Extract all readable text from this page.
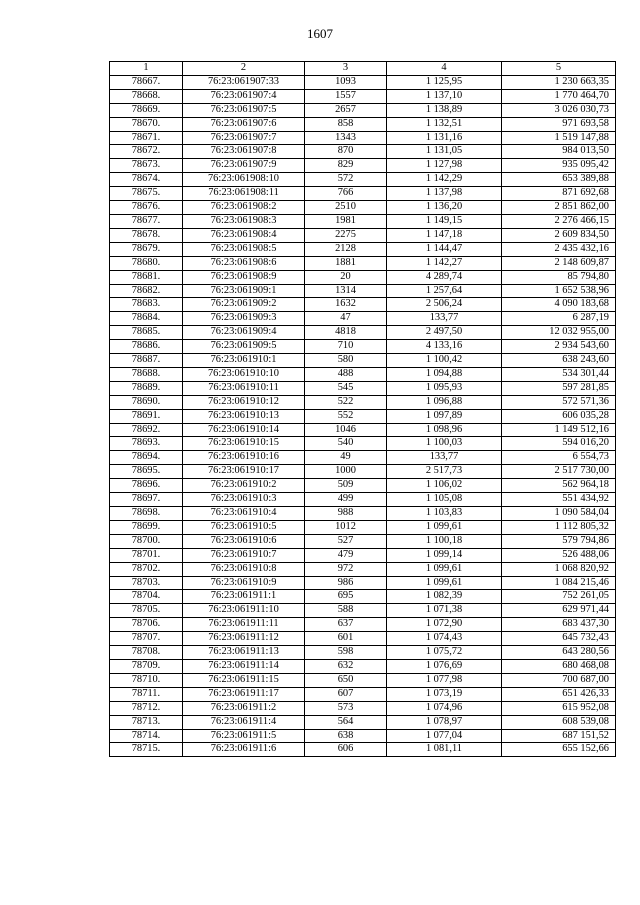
1607
1	2	3	4	5
78667.	76:23:061907:33	1093	1 125,95	1 230 663,35
78668.	76:23:061907:4	1557	1 137,10	1 770 464,70
78669.	76:23:061907:5	2657	1 138,89	3 026 030,73
78670.	76:23:061907:6	858	1 132,51	971 693,58
78671.	76:23:061907:7	1343	1 131,16	1 519 147,88
78672.	76:23:061907:8	870	1 131,05	984 013,50
78673.	76:23:061907:9	829	1 127,98	935 095,42
78674.	76:23:061908:10	572	1 142,29	653 389,88
78675.	76:23:061908:11	766	1 137,98	871 692,68
78676.	76:23:061908:2	2510	1 136,20	2 851 862,00
78677.	76:23:061908:3	1981	1 149,15	2 276 466,15
78678.	76:23:061908:4	2275	1 147,18	2 609 834,50
78679.	76:23:061908:5	2128	1 144,47	2 435 432,16
78680.	76:23:061908:6	1881	1 142,27	2 148 609,87
78681.	76:23:061908:9	20	4 289,74	85 794,80
78682.	76:23:061909:1	1314	1 257,64	1 652 538,96
78683.	76:23:061909:2	1632	2 506,24	4 090 183,68
78684.	76:23:061909:3	47	133,77	6 287,19
78685.	76:23:061909:4	4818	2 497,50	12 032 955,00
78686.	76:23:061909:5	710	4 133,16	2 934 543,60
78687.	76:23:061910:1	580	1 100,42	638 243,60
78688.	76:23:061910:10	488	1 094,88	534 301,44
78689.	76:23:061910:11	545	1 095,93	597 281,85
78690.	76:23:061910:12	522	1 096,88	572 571,36
78691.	76:23:061910:13	552	1 097,89	606 035,28
78692.	76:23:061910:14	1046	1 098,96	1 149 512,16
78693.	76:23:061910:15	540	1 100,03	594 016,20
78694.	76:23:061910:16	49	133,77	6 554,73
78695.	76:23:061910:17	1000	2 517,73	2 517 730,00
78696.	76:23:061910:2	509	1 106,02	562 964,18
78697.	76:23:061910:3	499	1 105,08	551 434,92
78698.	76:23:061910:4	988	1 103,83	1 090 584,04
78699.	76:23:061910:5	1012	1 099,61	1 112 805,32
78700.	76:23:061910:6	527	1 100,18	579 794,86
78701.	76:23:061910:7	479	1 099,14	526 488,06
78702.	76:23:061910:8	972	1 099,61	1 068 820,92
78703.	76:23:061910:9	986	1 099,61	1 084 215,46
78704.	76:23:061911:1	695	1 082,39	752 261,05
78705.	76:23:061911:10	588	1 071,38	629 971,44
78706.	76:23:061911:11	637	1 072,90	683 437,30
78707.	76:23:061911:12	601	1 074,43	645 732,43
78708.	76:23:061911:13	598	1 075,72	643 280,56
78709.	76:23:061911:14	632	1 076,69	680 468,08
78710.	76:23:061911:15	650	1 077,98	700 687,00
78711.	76:23:061911:17	607	1 073,19	651 426,33
78712.	76:23:061911:2	573	1 074,96	615 952,08
78713.	76:23:061911:4	564	1 078,97	608 539,08
78714.	76:23:061911:5	638	1 077,04	687 151,52
78715.	76:23:061911:6	606	1 081,11	655 152,66
